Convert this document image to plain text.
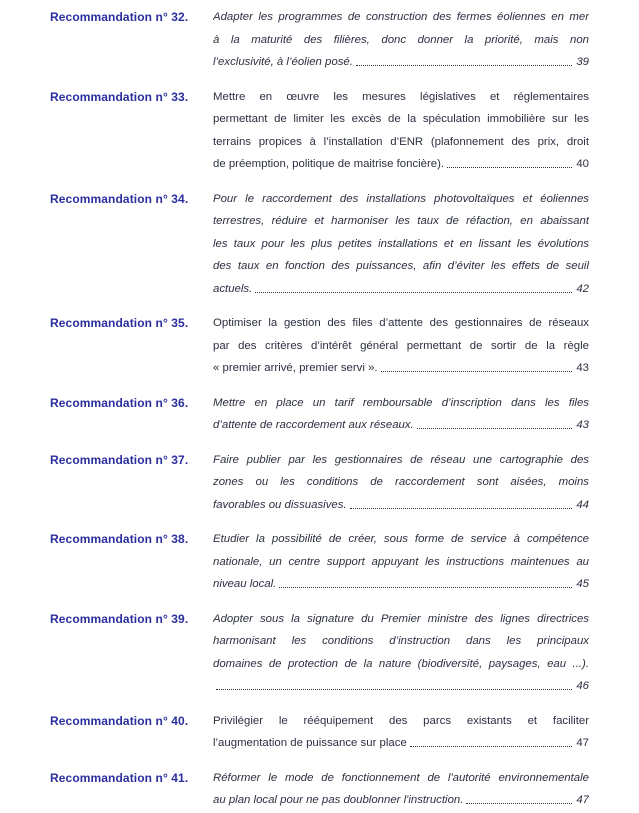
Recommandation n° 32.	Adapter les programmes de construction des fermes éoliennes en mer
à la maturité des filières, donc donner la priorité, mais non
l’exclusivité, à l’éolien posé.	39
Recommandation n° 33.	Mettre en œuvre les mesures législatives et réglementaires
permettant de limiter les excès de la spéculation immobilière sur les
terrains propices à l’installation d’ENR (plafonnement des prix, droit
de préemption, politique de maitrise foncière).	40
Recommandation n° 34.	Pour le raccordement des installations photovoltaïques et éoliennes
terrestres, réduire et harmoniser les taux de réfaction, en abaissant
les taux pour les plus petites installations et en lissant les évolutions
des taux en fonction des puissances, afin d’éviter les effets de seuil
actuels.	42
Recommandation n° 35.	Optimiser la gestion des files d’attente des gestionnaires de réseaux
par des critères d’intérêt général permettant de sortir de la règle
« premier arrivé, premier servi ».	43
Recommandation n° 36.	Mettre en place un tarif remboursable d’inscription dans les files
d’attente de raccordement aux réseaux.	43
Recommandation n° 37.	Faire publier par les gestionnaires de réseau une cartographie des
zones ou les conditions de raccordement sont aisées, moins
favorables ou dissuasives.	44
Recommandation n° 38.	Etudier la possibilité de créer, sous forme de service à compétence
nationale, un centre support appuyant les instructions maintenues au
niveau local.	45
Recommandation n° 39.	Adopter sous la signature du Premier ministre des lignes directrices
harmonisant les conditions d’instruction dans les principaux
domaines de protection de la nature (biodiversité, paysages, eau ...).
46
Recommandation n° 40.	Privilégier le rééquipement des parcs existants et faciliter
l’augmentation de puissance sur place	47
Recommandation n° 41.	Réformer le mode de fonctionnement de l'autorité environnementale
au plan local pour ne pas doublonner l'instruction.	47
